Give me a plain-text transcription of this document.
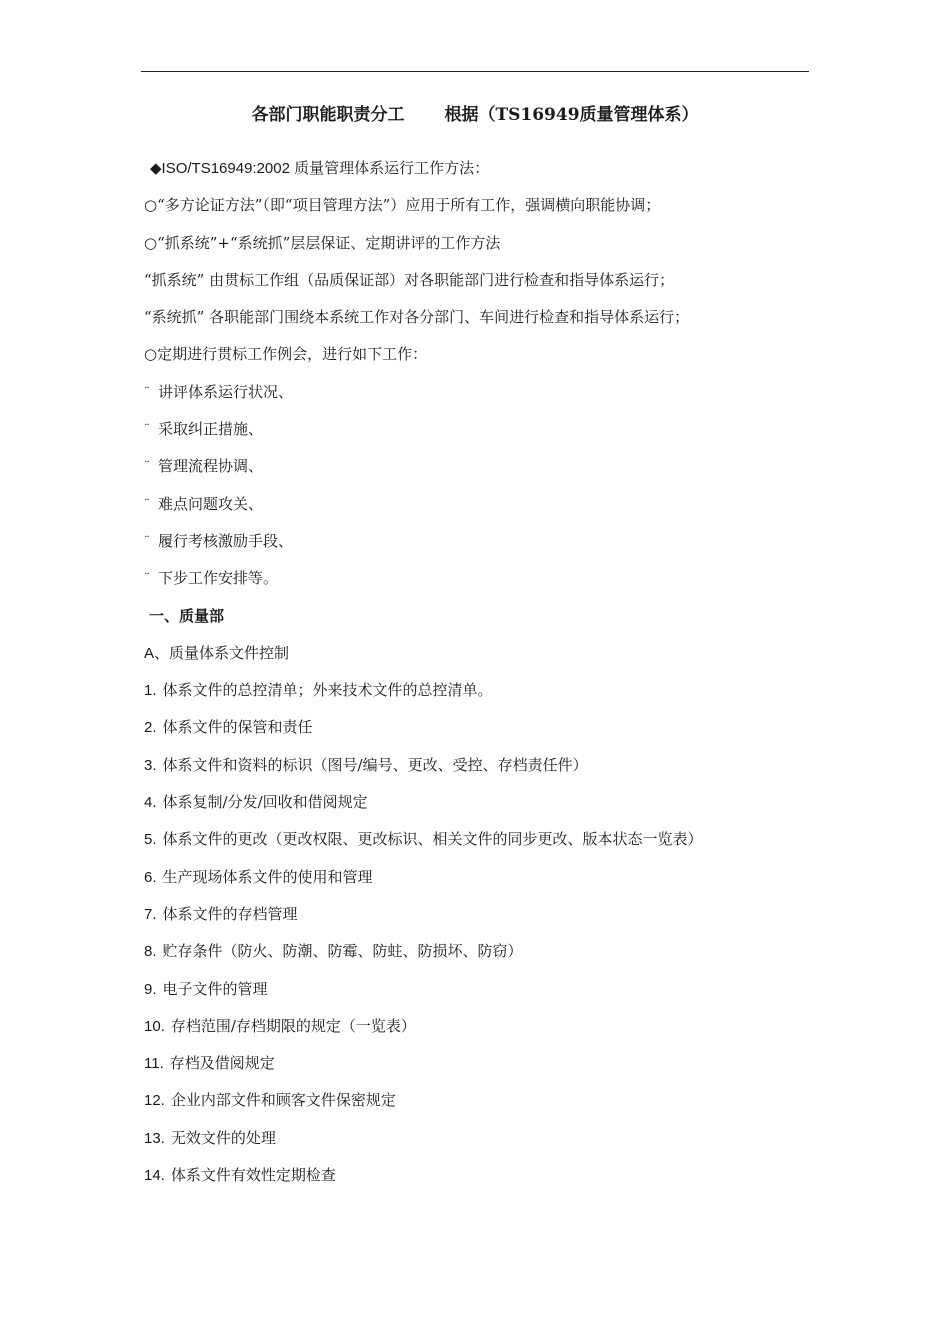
各部门职能职责分工 根据（TS16949质量管理体系）
◆ISO/TS16949:2002 质量管理体系运行工作方法：
○“多方论证方法”（即“项目管理方法”）应用于所有工作，强调横向职能协调；
○“抓系统”+“系统抓”层层保证、定期讲评的工作方法
“抓系统” 由贯标工作组（品质保证部）对各职能部门进行检查和指导体系运行；
“系统抓” 各职能部门围绕本系统工作对各分部门、车间进行检查和指导体系运行；
○定期进行贯标工作例会，进行如下工作：
¨ 讲评体系运行状况、
¨ 采取纠正措施、
¨ 管理流程协调、
¨ 难点问题攻关、
¨ 履行考核激励手段、
¨ 下步工作安排等。
一、质量部
A、质量体系文件控制
1. 体系文件的总控清单；外来技术文件的总控清单。
2. 体系文件的保管和责任
3. 体系文件和资料的标识（图号/编号、更改、受控、存档责任件）
4. 体系复制/分发/回收和借阅规定
5. 体系文件的更改（更改权限、更改标识、相关文件的同步更改、版本状态一览表）
6. 生产现场体系文件的使用和管理
7. 体系文件的存档管理
8. 贮存条件（防火、防潮、防霉、防蛀、防损坏、防窃）
9. 电子文件的管理
10. 存档范围/存档期限的规定（一览表）
11. 存档及借阅规定
12. 企业内部文件和顾客文件保密规定
13. 无效文件的处理
14. 体系文件有效性定期检查
